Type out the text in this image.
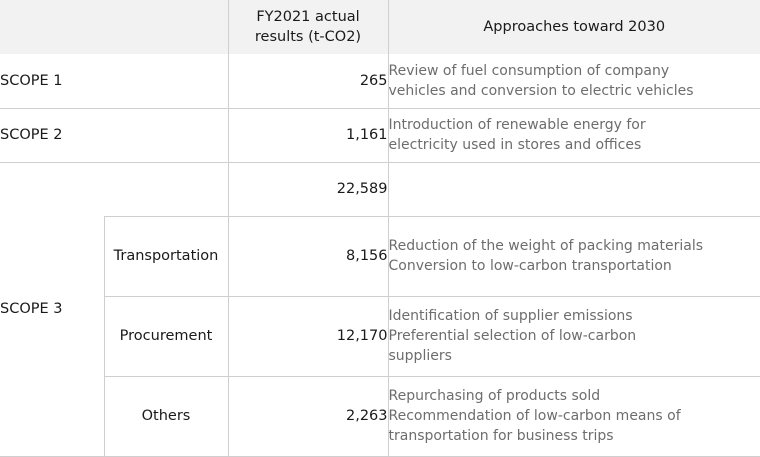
		FY2021 actual
results (t-CO2)	Approaches toward 2030
SCOPE 1		265	Review of fuel consumption of company
vehicles and conversion to electric vehicles

SCOPE 2		1,161	Introduction of renewable energy for
electricity used in stores and offices

SCOPE 3		22,589	
	Transportation	8,156	Reduction of the weight of packing materials
Conversion to low-carbon transportation

	Procurement	12,170	Identification of supplier emissions
Preferential selection of low-carbon
suppliers

	Others	2,263	Repurchasing of products sold
Recommendation of low-carbon means of
transportation for business trips
